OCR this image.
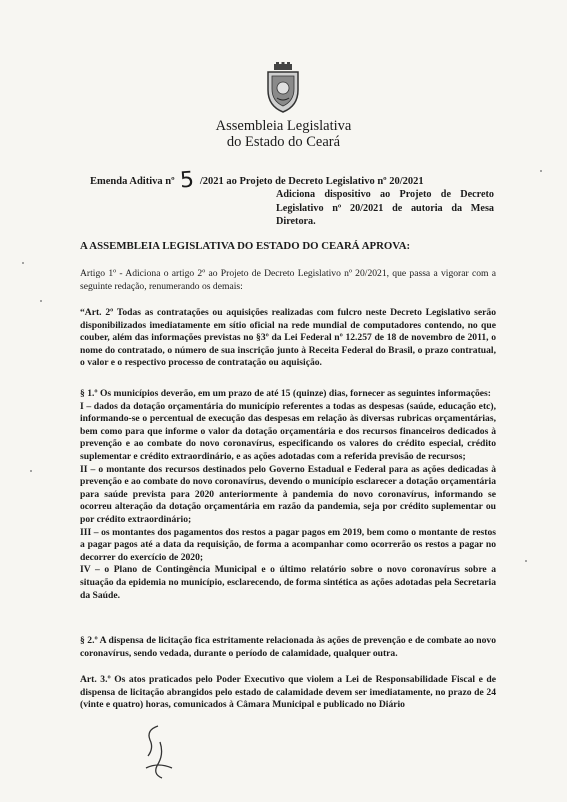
Assembleia Legislativa
do Estado do Ceará
Emenda Aditiva nº 5 /2021 ao Projeto de Decreto Legislativo nº 20/2021
Adiciona dispositivo ao Projeto de Decreto Legislativo nº 20/2021 de autoria da Mesa Diretora.
A ASSEMBLEIA LEGISLATIVA DO ESTADO DO CEARÁ APROVA:

Artigo 1º - Adiciona o artigo 2º ao Projeto de Decreto Legislativo nº 20/2021, que passa a vigorar com a seguinte redação, renumerando os demais:

“Art. 2º Todas as contratações ou aquisições realizadas com fulcro neste Decreto Legislativo serão disponibilizados imediatamente em sítio oficial na rede mundial de computadores contendo, no que couber, além das informações previstas no §3º da Lei Federal nº 12.257 de 18 de novembro de 2011, o nome do contratado, o número de sua inscrição junto à Receita Federal do Brasil, o prazo contratual, o valor e o respectivo processo de contratação ou aquisição.

§ 1.º Os municípios deverão, em um prazo de até 15 (quinze) dias, fornecer as seguintes informações:

I – dados da dotação orçamentária do município referentes a todas as despesas (saúde, educação etc), informando-se o percentual de execução das despesas em relação às diversas rubricas orçamentárias, bem como para que informe o valor da dotação orçamentária e dos recursos financeiros dedicados à prevenção e ao combate do novo coronavírus, especificando os valores do crédito especial, crédito suplementar e crédito extraordinário, e as ações adotadas com a referida previsão de recursos;

II – o montante dos recursos destinados pelo Governo Estadual e Federal para as ações dedicadas à prevenção e ao combate do novo coronavírus, devendo o município esclarecer a dotação orçamentária para saúde prevista para 2020 anteriormente à pandemia do novo coronavírus, informando se ocorreu alteração da dotação orçamentária em razão da pandemia, seja por crédito suplementar ou por crédito extraordinário;

III – os montantes dos pagamentos dos restos a pagar pagos em 2019, bem como o montante de restos a pagar pagos até a data da requisição, de forma a acompanhar como ocorrerão os restos a pagar no decorrer do exercício de 2020;

IV – o Plano de Contingência Municipal e o último relatório sobre o novo coronavírus sobre a situação da epidemia no município, esclarecendo, de forma sintética as ações adotadas pela Secretaria da Saúde.

§ 2.º A dispensa de licitação fica estritamente relacionada às ações de prevenção e de combate ao novo coronavírus, sendo vedada, durante o período de calamidade, qualquer outra.

Art. 3.º Os atos praticados pelo Poder Executivo que violem a Lei de Responsabilidade Fiscal e de dispensa de licitação abrangidos pelo estado de calamidade devem ser imediatamente, no prazo de 24 (vinte e quatro) horas, comunicados à Câmara Municipal e publicado no Diário
